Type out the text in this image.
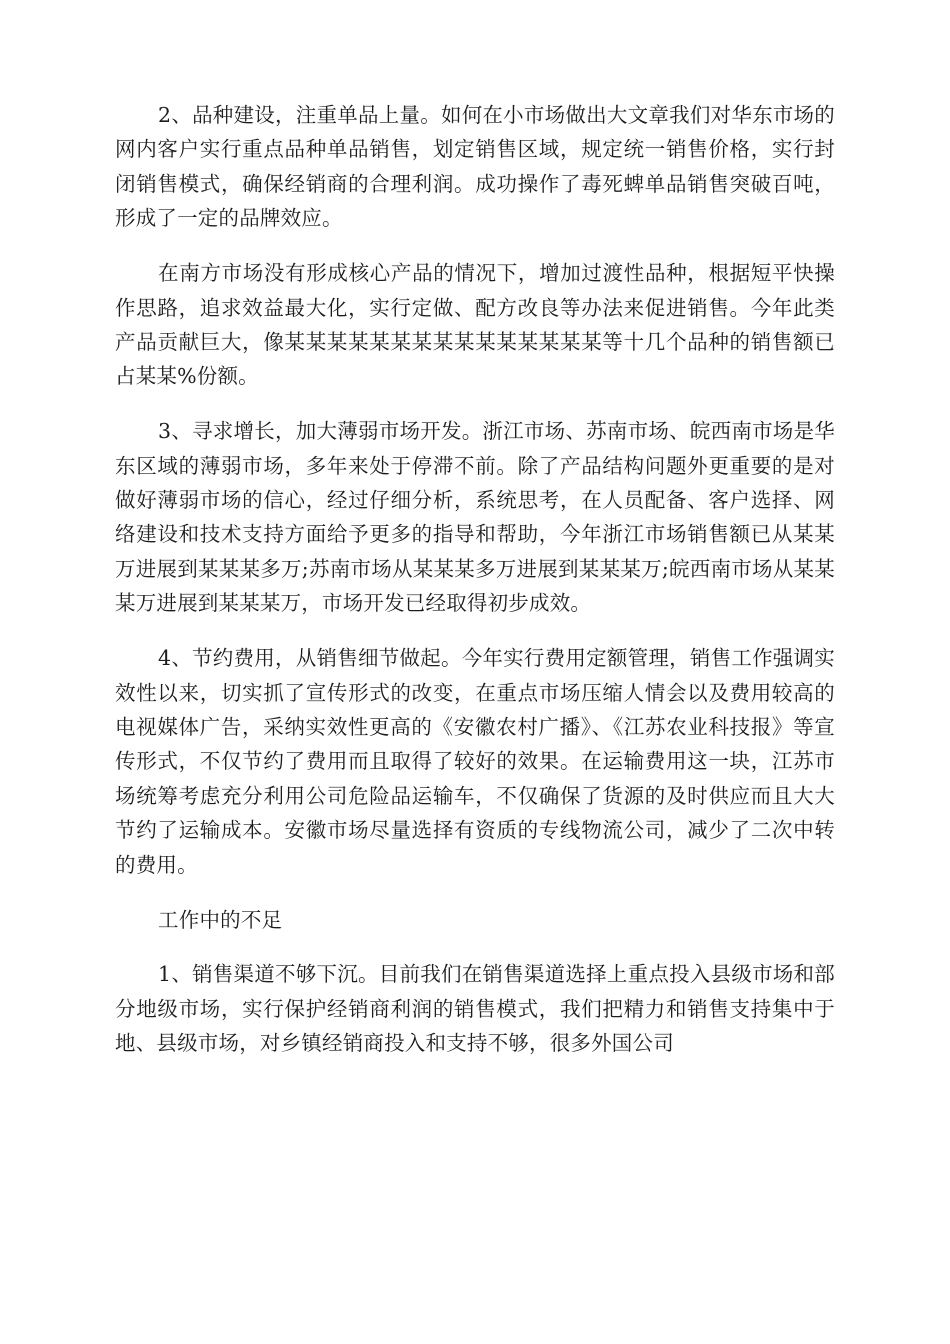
2、品种建设，注重单品上量。如何在小市场做出大文章我们对华东市场的网内客户实行重点品种单品销售，划定销售区域，规定统一销售价格，实行封闭销售模式，确保经销商的合理利润。成功操作了毒死蜱单品销售突破百吨，形成了一定的品牌效应。

在南方市场没有形成核心产品的情况下，增加过渡性品种，根据短平快操作思路，追求效益最大化，实行定做、配方改良等办法来促进销售。今年此类产品贡献巨大，像某某某某某某某某某某某某某某某等十几个品种的销售额已占某某%份额。

3、寻求增长，加大薄弱市场开发。浙江市场、苏南市场、皖西南市场是华东区域的薄弱市场，多年来处于停滞不前。除了产品结构问题外更重要的是对做好薄弱市场的信心，经过仔细分析，系统思考，在人员配备、客户选择、网络建设和技术支持方面给予更多的指导和帮助，今年浙江市场销售额已从某某万进展到某某某多万;苏南市场从某某某多万进展到某某某万;皖西南市场从某某某万进展到某某某万，市场开发已经取得初步成效。

4、节约费用，从销售细节做起。今年实行费用定额管理，销售工作强调实效性以来，切实抓了宣传形式的改变，在重点市场压缩人情会以及费用较高的电视媒体广告，采纳实效性更高的《安徽农村广播》、《江苏农业科技报》等宣传形式，不仅节约了费用而且取得了较好的效果。在运输费用这一块，江苏市场统筹考虑充分利用公司危险品运输车，不仅确保了货源的及时供应而且大大节约了运输成本。安徽市场尽量选择有资质的专线物流公司，减少了二次中转的费用。

工作中的不足

1、销售渠道不够下沉。目前我们在销售渠道选择上重点投入县级市场和部分地级市场，实行保护经销商利润的销售模式，我们把精力和销售支持集中于地、县级市场，对乡镇经销商投入和支持不够，很多外国公司
